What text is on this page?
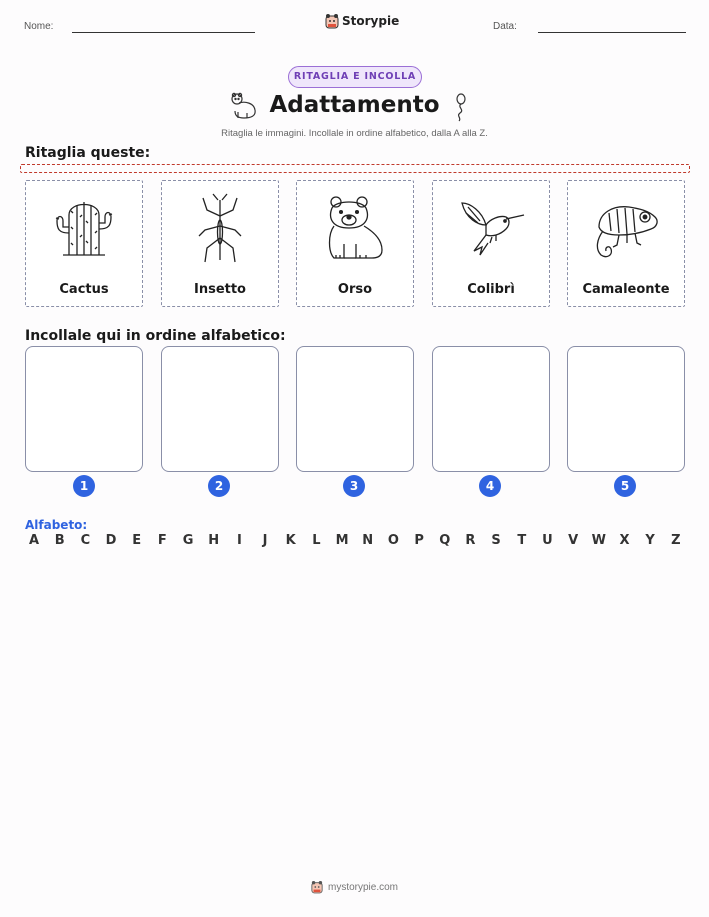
Nome:	Storypie	Data:
RITAGLIA E INCOLLA
Adattamento
Ritaglia le immagini. Incollale in ordine alfabetico, dalla A alla Z.
Ritaglia queste:
Cactus	Insetto	Orso	Colibrì	Camaleonte
Incollale qui in ordine alfabetico:
1	2	3	4	5
Alfabeto:
A	B	C	D	E	F	G H	I	J	K	L	M N O	P	Q	R	S	T	U	V	W	X	Y	Z
mystorypie.com
